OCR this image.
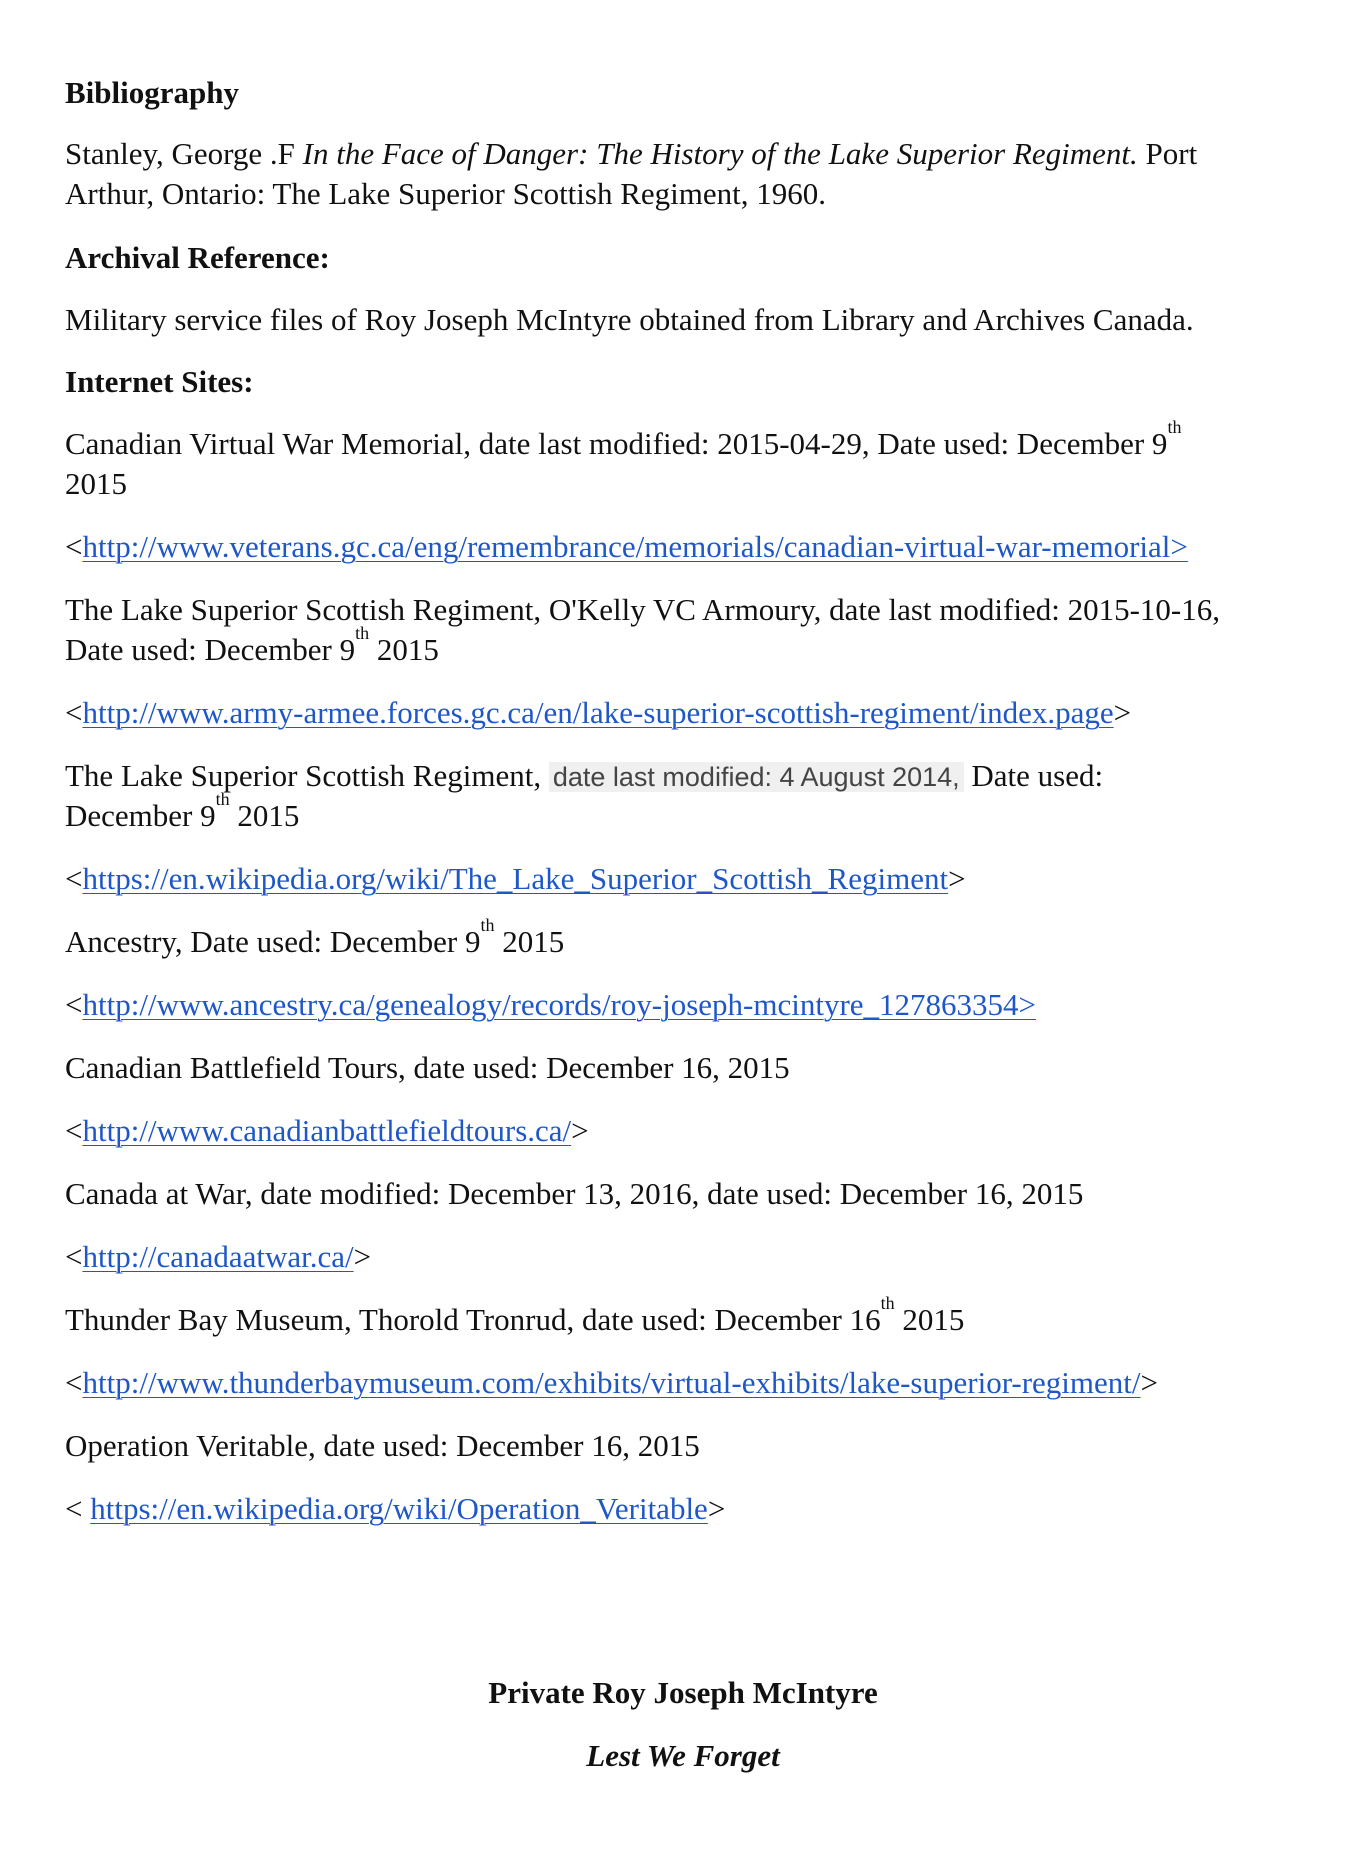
Bibliography
Stanley, George .F In the Face of Danger: The History of the Lake Superior Regiment. Port
Arthur, Ontario: The Lake Superior Scottish Regiment, 1960.
Archival Reference:
Military service files of Roy Joseph McIntyre obtained from Library and Archives Canada.
Internet Sites:
Canadian Virtual War Memorial, date last modified: 2015-04-29, Date used: December 9th
2015
<http://www.veterans.gc.ca/eng/remembrance/memorials/canadian-virtual-war-memorial>
The Lake Superior Scottish Regiment, O'Kelly VC Armoury, date last modified: 2015-10-16,
Date used: December 9th 2015
<http://www.army-armee.forces.gc.ca/en/lake-superior-scottish-regiment/index.page>
The Lake Superior Scottish Regiment, date last modified: 4 August 2014, Date used:
December 9th 2015
<https://en.wikipedia.org/wiki/The_Lake_Superior_Scottish_Regiment>
Ancestry, Date used: December 9th 2015
<http://www.ancestry.ca/genealogy/records/roy-joseph-mcintyre_127863354>
Canadian Battlefield Tours, date used: December 16, 2015
<http://www.canadianbattlefieldtours.ca/>
Canada at War, date modified: December 13, 2016, date used: December 16, 2015
<http://canadaatwar.ca/>
Thunder Bay Museum, Thorold Tronrud, date used: December 16th 2015
<http://www.thunderbaymuseum.com/exhibits/virtual-exhibits/lake-superior-regiment/>
Operation Veritable, date used: December 16, 2015
< https://en.wikipedia.org/wiki/Operation_Veritable>
Private Roy Joseph McIntyre
Lest We Forget
